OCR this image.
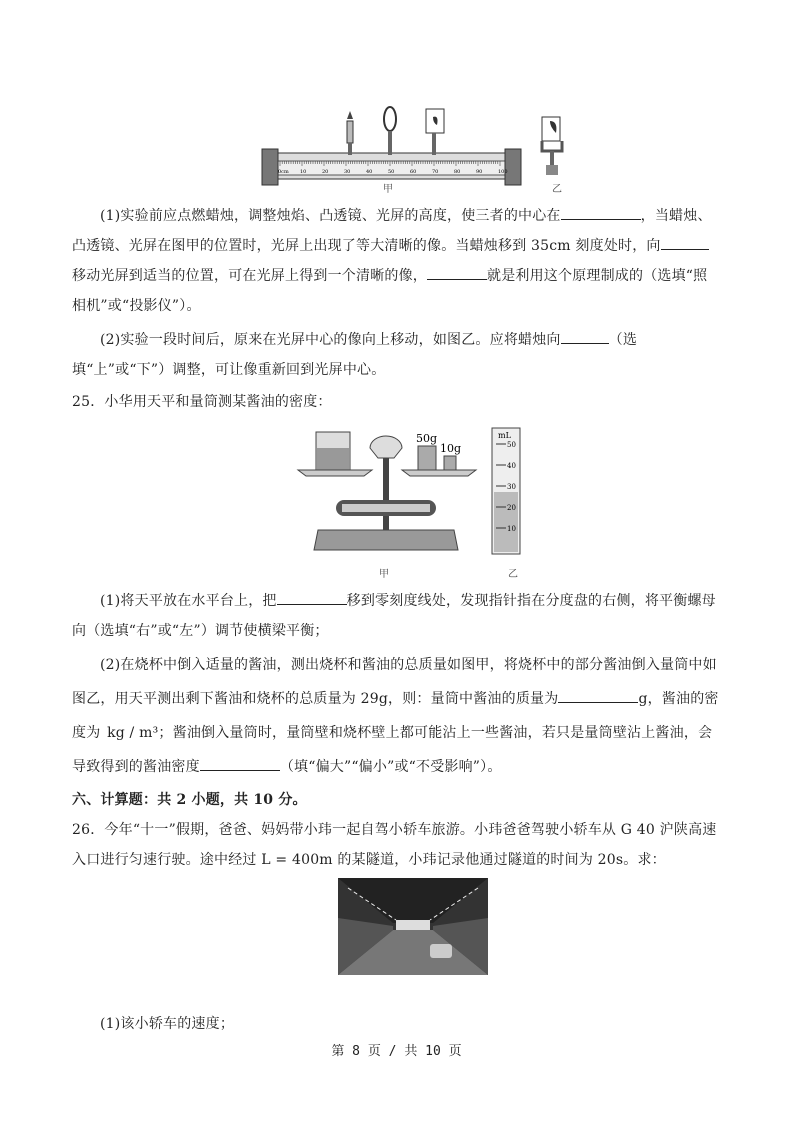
0cm 10	20	30	40	50	60	70	80	90	100
甲	乙
(1)实验前应点燃蜡烛，调整烛焰、凸透镜、光屏的高度，使三者的中心在	，当蜡烛、凸透镜、光屏在图甲的位置时，光屏上出现了等大清晰的像。当蜡烛移到 35cm 刻度处时，向移动光屏到适当的位置，可在光屏上得到一个清晰的像，	就是利用这个原理制成的（选填“照相机”或“投影仪”）。
(2)实验一段时间后，原来在光屏中心的像向上移动，如图乙。应将蜡烛向	（选填“上”或“下”）调整，可让像重新回到光屏中心。
25．小华用天平和量筒测某酱油的密度：
50g
10g
mL
50
40
30
20
10
甲	乙
(1)将天平放在水平台上，把	移到零刻度线处，发现指针指在分度盘的右侧，将平衡螺母向（选填“右”或“左”）调节使横梁平衡；
(2)在烧杯中倒入适量的酱油，测出烧杯和酱油的总质量如图甲，将烧杯中的部分酱油倒入量筒中如图乙，用天平测出剩下酱油和烧杯的总质量为 29g，则：量筒中酱油的质量为	g，酱油的密度为 kg / m³；酱油倒入量筒时，量筒壁和烧杯壁上都可能沾上一些酱油，若只是量筒壁沾上酱油，会导致得到的酱油密度	（填“偏大”“偏小”或“不受影响”）。
六、计算题：共 2 小题，共 10 分。
26．今年“十一”假期，爸爸、妈妈带小玮一起自驾小轿车旅游。小玮爸爸驾驶小轿车从 G 40 沪陕高速入口进行匀速行驶。途中经过 L = 400m 的某隧道，小玮记录他通过隧道的时间为 20s。求：
(1)该小轿车的速度；
第 8 页 / 共 10 页
